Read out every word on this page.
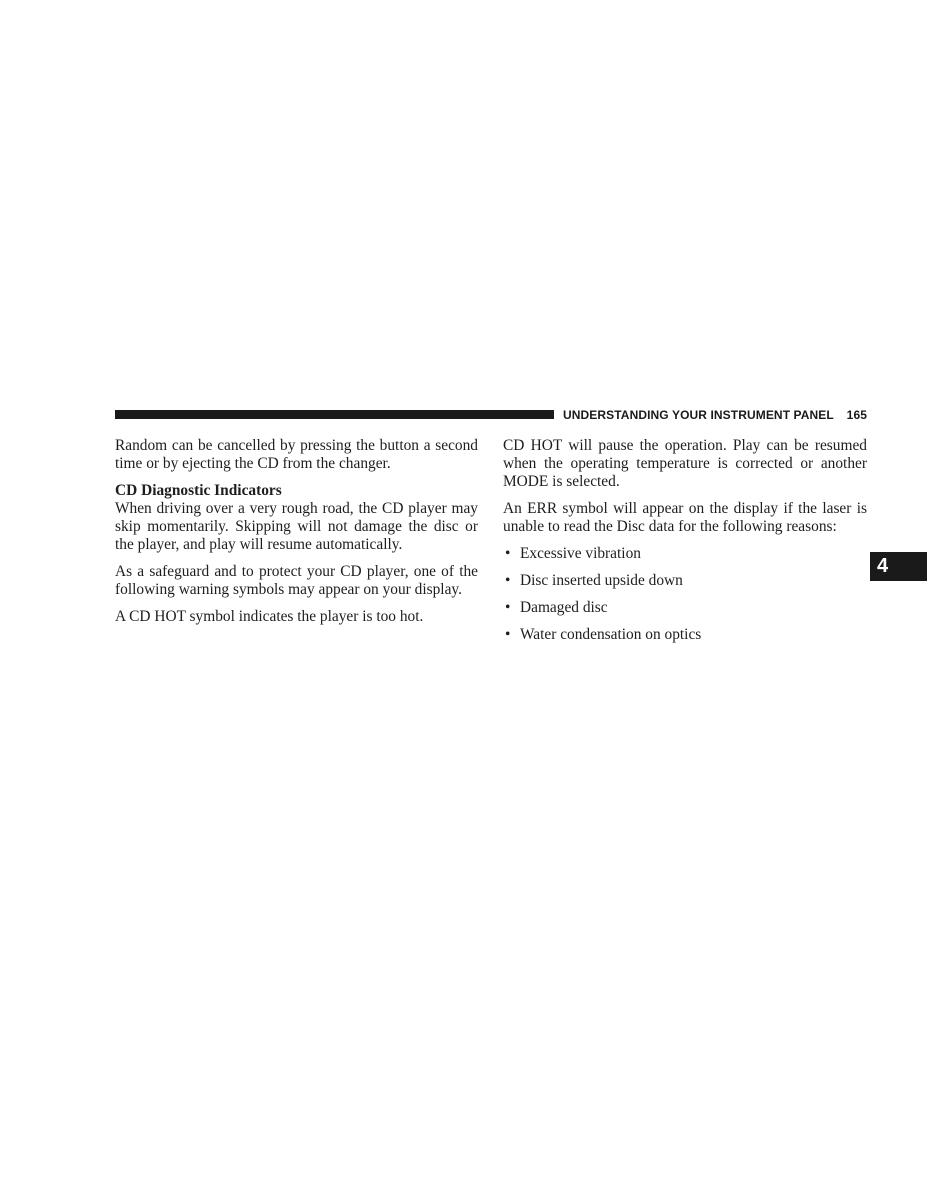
UNDERSTANDING YOUR INSTRUMENT PANEL 165
4

Random can be cancelled by pressing the button a second time or by ejecting the CD from the changer.

CD Diagnostic Indicators

When driving over a very rough road, the CD player may skip momentarily. Skipping will not damage the disc or the player, and play will resume automatically.

As a safeguard and to protect your CD player, one of the following warning symbols may appear on your display.

A CD HOT symbol indicates the player is too hot.

CD HOT will pause the operation. Play can be resumed when the operating temperature is corrected or another MODE is selected.

An ERR symbol will appear on the display if the laser is unable to read the Disc data for the following reasons:

• Excessive vibration
• Disc inserted upside down
• Damaged disc
• Water condensation on optics
